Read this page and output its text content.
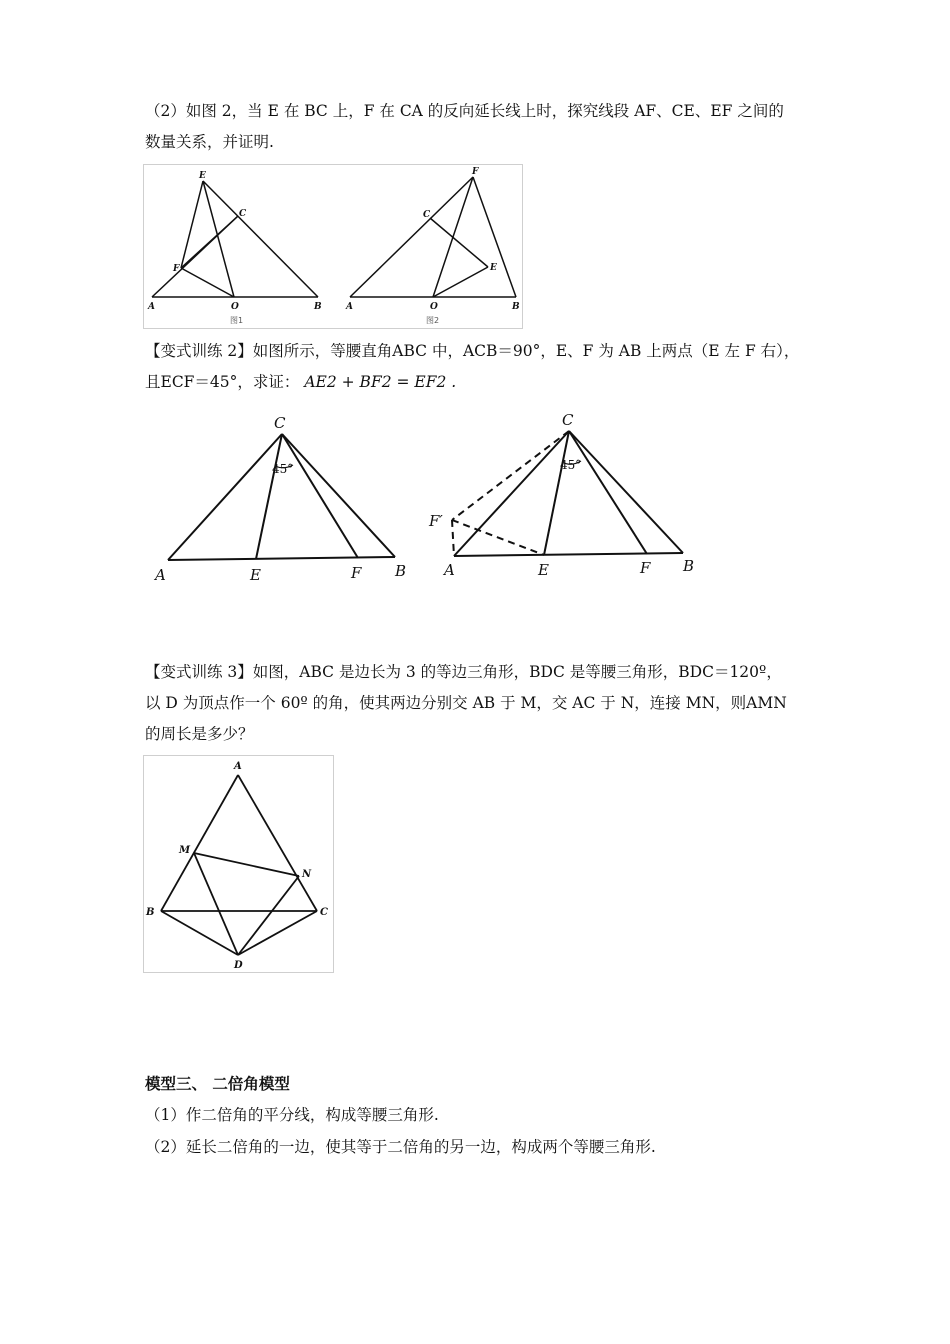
（2）如图 2，当 E 在 BC 上，F 在 CA 的反向延长线上时，探究线段 AF、CE、EF 之间的
数量关系，并证明.

E
C
F
A	O	B
图1
F
C
E
A	O	B
图2

【变式训练 2】如图所示，等腰直角ABC 中，ACB＝90°，E、F 为 AB 上两点（E 左 F 右），
且ECF＝45°，求证： AE2 + BF2 = EF2 .

C
45°
A	E	F B
C
45°
F′
A	E	F B

【变式训练 3】如图，ABC 是边长为 3 的等边三角形，BDC 是等腰三角形，BDC＝120º，
以 D 为顶点作一个 60º 的角，使其两边分别交 AB 于 M，交 AC 于 N，连接 MN，则AMN
的周长是多少？

A
M
N
B	C
D

模型三、 二倍角模型

（1）作二倍角的平分线，构成等腰三角形.

（2）延长二倍角的一边，使其等于二倍角的另一边，构成两个等腰三角形.
